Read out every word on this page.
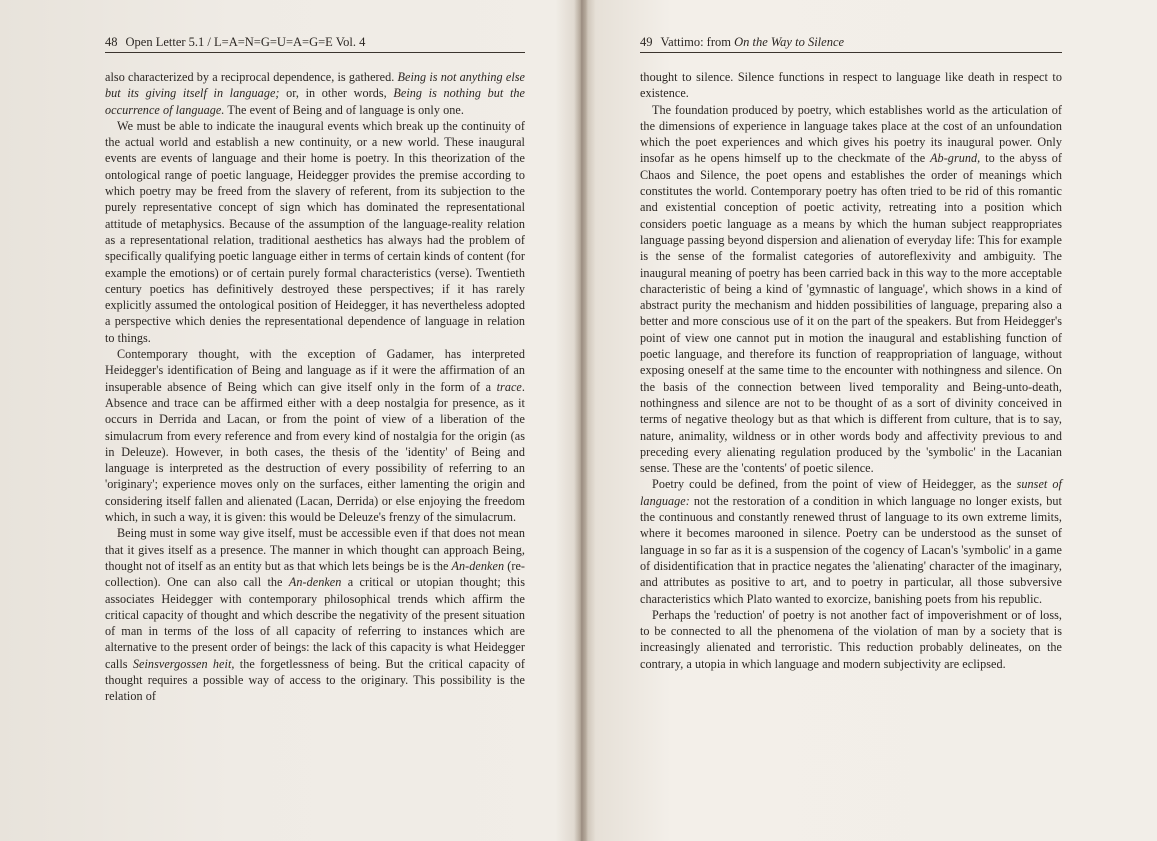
48 Open Letter 5.1 / L=A=N=G=U=A=G=E Vol. 4

also characterized by a reciprocal dependence, is gathered. Being is not anything else but its giving itself in language; or, in other words, Being is nothing but the occurrence of language. The event of Being and of language is only one.

We must be able to indicate the inaugural events which break up the continuity of the actual world and establish a new continuity, or a new world. These inaugural events are events of language and their home is poetry. In this theorization of the ontological range of poetic language, Heidegger provides the premise according to which poetry may be freed from the slavery of referent, from its subjection to the purely representative concept of sign which has dominated the representational attitude of metaphysics. Because of the assumption of the language-reality relation as a representational relation, traditional aesthetics has always had the problem of specifically qualifying poetic language either in terms of certain kinds of content (for example the emotions) or of certain purely formal characteristics (verse). Twentieth century poetics has definitively destroyed these perspectives; if it has rarely explicitly assumed the ontological position of Heidegger, it has nevertheless adopted a perspective which denies the representational dependence of language in relation to things.

Contemporary thought, with the exception of Gadamer, has interpreted Heidegger's identification of Being and language as if it were the affirmation of an insuperable absence of Being which can give itself only in the form of a trace. Absence and trace can be affirmed either with a deep nostalgia for presence, as it occurs in Derrida and Lacan, or from the point of view of a liberation of the simulacrum from every reference and from every kind of nostalgia for the origin (as in Deleuze). However, in both cases, the thesis of the 'identity' of Being and language is interpreted as the destruction of every possibility of referring to an 'originary'; experience moves only on the surfaces, either lamenting the origin and considering itself fallen and alienated (Lacan, Derrida) or else enjoying the freedom which, in such a way, it is given: this would be Deleuze's frenzy of the simulacrum.

Being must in some way give itself, must be accessible even if that does not mean that it gives itself as a presence. The manner in which thought can approach Being, thought not of itself as an entity but as that which lets beings be is the An-denken (re-collection). One can also call the An-denken a critical or utopian thought; this associates Heidegger with contemporary philosophical trends which affirm the critical capacity of thought and which describe the negativity of the present situation of man in terms of the loss of all capacity of referring to instances which are alternative to the present order of beings: the lack of this capacity is what Heidegger calls Seinsvergossen heit, the forgetlessness of being. But the critical capacity of thought requires a possible way of access to the originary. This possibility is the relation of

49 Vattimo: from On the Way to Silence

thought to silence. Silence functions in respect to language like death in respect to existence.

The foundation produced by poetry, which establishes world as the articulation of the dimensions of experience in language takes place at the cost of an unfoundation which the poet experiences and which gives his poetry its inaugural power. Only insofar as he opens himself up to the checkmate of the Ab-grund, to the abyss of Chaos and Silence, the poet opens and establishes the order of meanings which constitutes the world. Contemporary poetry has often tried to be rid of this romantic and existential conception of poetic activity, retreating into a position which considers poetic language as a means by which the human subject reappropriates language passing beyond dispersion and alienation of everyday life: This for example is the sense of the formalist categories of autoreflexivity and ambiguity. The inaugural meaning of poetry has been carried back in this way to the more acceptable characteristic of being a kind of 'gymnastic of language', which shows in a kind of abstract purity the mechanism and hidden possibilities of language, preparing also a better and more conscious use of it on the part of the speakers. But from Heidegger's point of view one cannot put in motion the inaugural and establishing function of poetic language, and therefore its function of reappropriation of language, without exposing oneself at the same time to the encounter with nothingness and silence. On the basis of the connection between lived temporality and Being-unto-death, nothingness and silence are not to be thought of as a sort of divinity conceived in terms of negative theology but as that which is different from culture, that is to say, nature, animality, wildness or in other words body and affectivity previous to and preceding every alienating regulation produced by the 'symbolic' in the Lacanian sense. These are the 'contents' of poetic silence.

Poetry could be defined, from the point of view of Heidegger, as the sunset of language: not the restoration of a condition in which language no longer exists, but the continuous and constantly renewed thrust of language to its own extreme limits, where it becomes marooned in silence. Poetry can be understood as the sunset of language in so far as it is a suspension of the cogency of Lacan's 'symbolic' in a game of disidentification that in practice negates the 'alienating' character of the imaginary, and attributes as positive to art, and to poetry in particular, all those subversive characteristics which Plato wanted to exorcize, banishing poets from his republic.

Perhaps the 'reduction' of poetry is not another fact of impoverishment or of loss, to be connected to all the phenomena of the violation of man by a society that is increasingly alienated and terroristic. This reduction probably delineates, on the contrary, a utopia in which language and modern subjectivity are eclipsed.
